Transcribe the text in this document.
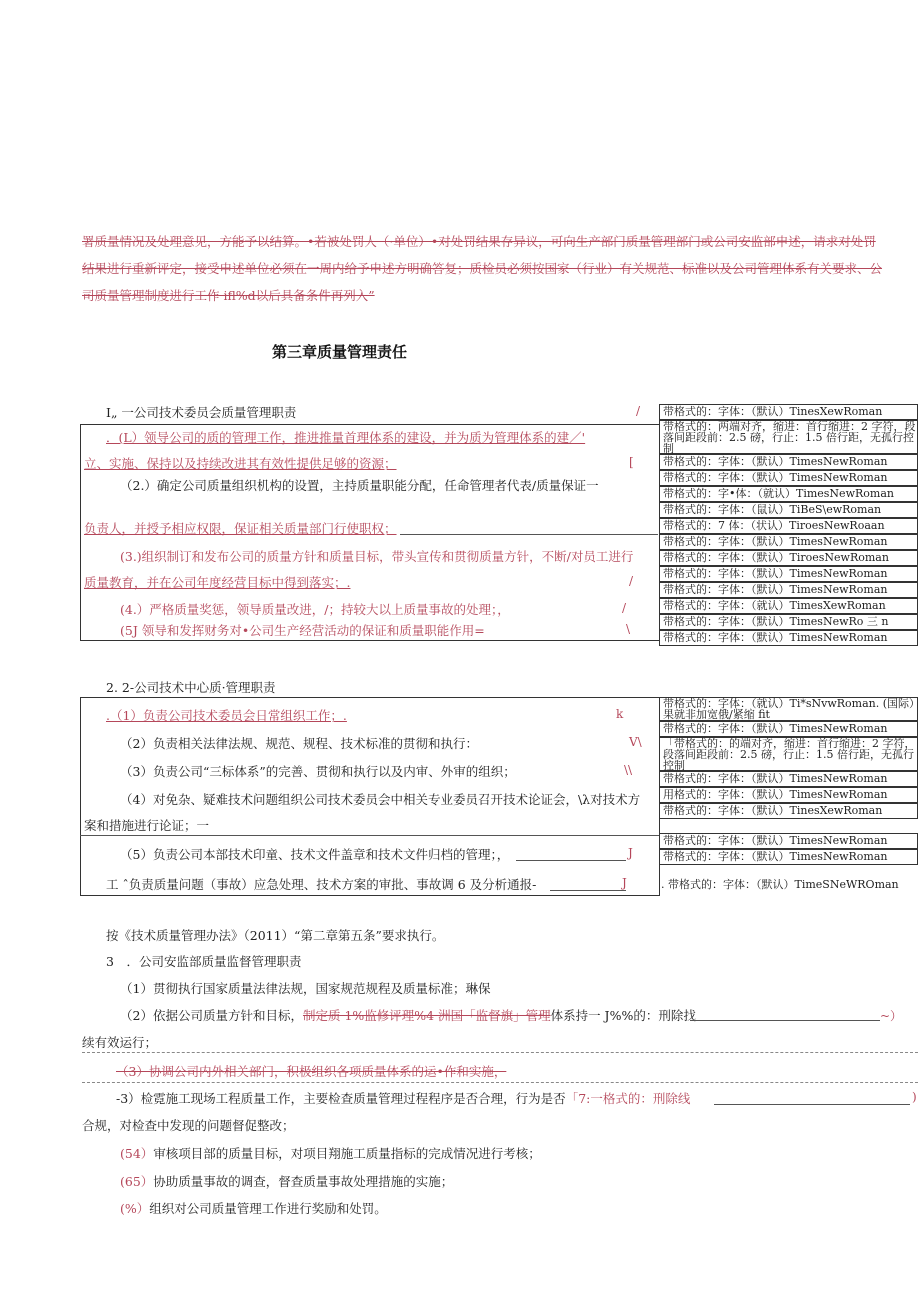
署质量情况及处理意见，方能予以结算。•若被处罚人（·单位）•对处罚结果存异议，可向生产部门质量管理部门或公司安监部申述，请求对处罚
结果进行重新评定，接受申述单位必须在一周内给予申述方明确答复；质检员必须按国家（行业）有关规范、标准以及公司管理体系有关要求、公
司质量管理制度进行工作 ifl%d以后具备条件再列入”
第三章质量管理责任
I„ 一公司技术委员会质量管理职责	/
．(L）领导公司的质的管理工作，推进推量首理体系的建设，并为质为管理体系的建／'
立、实施、保持以及持续改进其有效性提供足够的资源；	[
（2.）确定公司质量组织机构的设置，主持质量职能分配，任命管理者代表/质量保证一
负责人，并授予相应权限，保证相关质量部门行使职权；
(3.)组织制订和发布公司的质量方针和质量目标，带头宣传和贯彻质量方针，不断/对员工进行
质量教育，并在公司年度经营目标中得到落实；.	/
(4.）严格质量奖惩，领导质量改进，/；持较大以上质量事故的处理；，	/
(5J 领导和发挥财务对•公司生产经营活动的保证和质量职能作用=	\
带格式的：字体：（默认）TinesXewRoman
带格式的：两端对齐，缩进：首行缩进：2 字符，段落间距段前：2.5 磅，行止：1.5 倍行距，无孤行控制
带格式的：字体：（默认）TimesNewRoman
带格式的：字体：（默认）TimesNewRoman
带格式的：字•体：（就认）TimesNewRoman
带格式的：字体：（鼠认）TiBeS\ewRoman
带格式的：7 体：（状认）TiroesNewRoaan
带格式的：字体：（默认）TimesNewRoman
带格式的：字体：（默认）TiroesNewRoman
带格式的：字体：（默认）TimesNewRoman
带格式的：字体：（默认）TimesNewRoman
带格式的：字体：（就认）TimesXewRoman
带格式的：字体：（默认）TimesNewRo 三 n
带格式的：字体：（默认）TimesNewRoman
2. 2-公司技术中心质·管理职责
.（1）负责公司技术委员会日常组织工作；.	k
（2）负责相关法律法规、规范、规程、技术标准的贯彻和执行：	V\
（3）负责公司“三标体系”的完善、贯彻和执行以及内审、外审的组织；	\\
（4）对免杂、疑难技术问题组织公司技术委员会中相关专业委员召开技术论证会，\λ对技术方
案和措施进行论证；一
（5）负责公司本部技术印童、技术文件盖章和技术文件归档的管理；，	J
工 ˆ负责质量问题（事故）应急处理、技术方案的审批、事故调 6 及分析通报-	J
带格式的：字体：（就认）Ti*sNvwRoman. (国际）果就非加宽俄/紧缩 fit
带格式的：字体：（默认）TimesNewRoman
「带格式的：的端对齐，缩进：首行缩进：2 字符，段落间距段前：2.5 磅，行止：1.5 倍行距，无孤行控制
带格式的：字体：（默认）TimesNewRoman
用格式的：字体：（默认）TimesNewRoman
带格式的：字体：（默认）TinesXewRoman
带格式的：字体：（默认）TimesNewRoman
带格式的：字体：（默认）TimesNewRoman
. 带格式的：字体：（默认）TimeSNeWROman
按《技术质量管理办法》（2011）“第二章第五条”要求执行。
3　．公司安监部质量监督管理职责
（1）贯彻执行国家质量法律法规，国家规范规程及质量标准；琳保
（2）依据公司质量方针和目标，制定质 1%监修评理%4 洲国「监督旗」管理体系持一 J%%的：刑除找	~）
续有效运行；
（3）协调公司内外相关部门，积极组织各项质量体系的运•作和实施，
-3）检霓施工现场工程质量工作，主要检查质量管理过程程序是否合理，行为是否「7:一格式的：刑除线	)
合规，对检查中发现的问题督促整改；
(54）审核项目部的质量目标，对项目翔施工质量指标的完成情况进行考核；
(65）协助质量事故的调查，督查质量事故处理措施的实施；
(%）组织对公司质量管理工作进行奖励和处罚。
